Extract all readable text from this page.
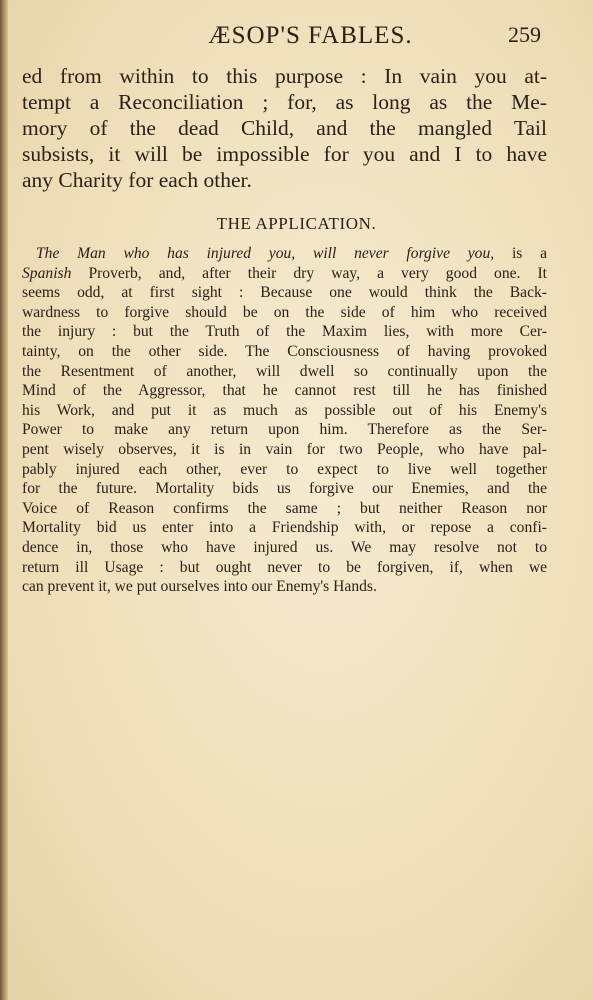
ÆSOP'S FABLES.	259
ed from within to this purpose : In vain you at-
tempt a Reconciliation ; for, as long as the Me-
mory of the dead Child, and the mangled Tail
subsists, it will be impossible for you and I to have
any Charity for each other.
THE APPLICATION.
The Man who has injured you, will never forgive you, is a
Spanish Proverb, and, after their dry way, a very good one. It
seems odd, at first sight : Because one would think the Back-
wardness to forgive should be on the side of him who received
the injury : but the Truth of the Maxim lies, with more Cer-
tainty, on the other side. The Consciousness of having provoked
the Resentment of another, will dwell so continually upon the
Mind of the Aggressor, that he cannot rest till he has finished
his Work, and put it as much as possible out of his Enemy's
Power to make any return upon him. Therefore as the Ser-
pent wisely observes, it is in vain for two People, who have pal-
pably injured each other, ever to expect to live well together
for the future. Mortality bids us forgive our Enemies, and the
Voice of Reason confirms the same ; but neither Reason nor
Mortality bid us enter into a Friendship with, or repose a confi-
dence in, those who have injured us. We may resolve not to
return ill Usage : but ought never to be forgiven, if, when we
can prevent it, we put ourselves into our Enemy's Hands.
